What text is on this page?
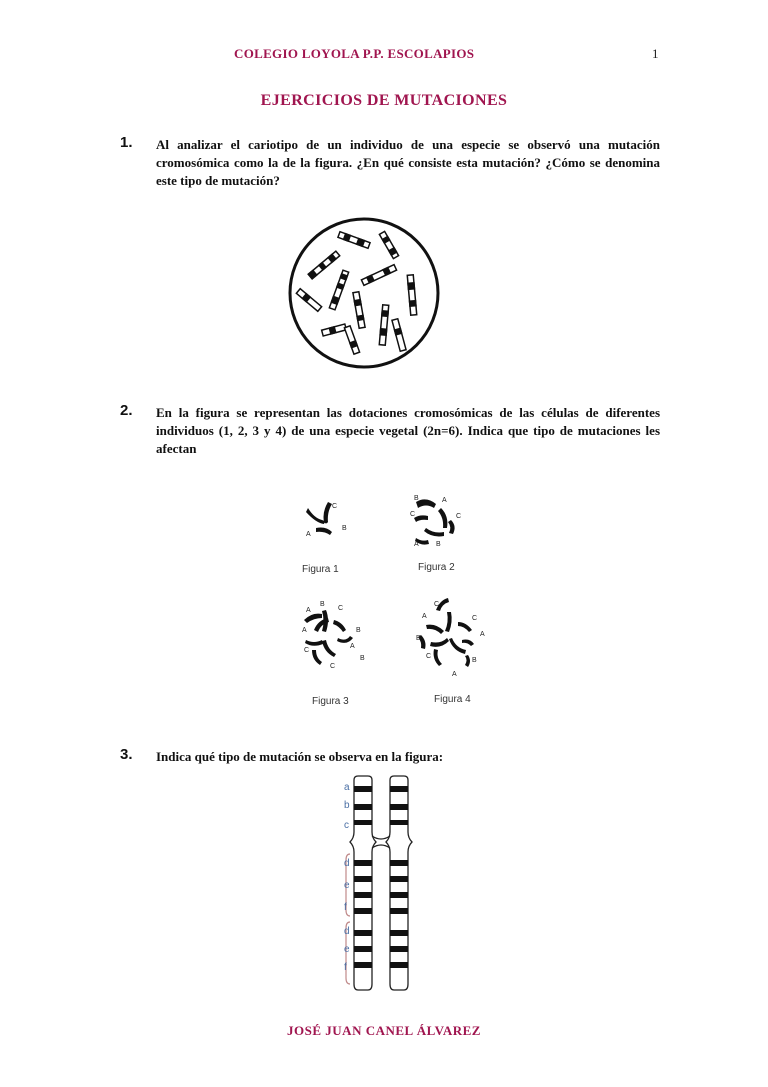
COLEGIO LOYOLA P.P. ESCOLAPIOS	1
EJERCICIOS DE MUTACIONES
1. Al analizar el cariotipo de un individuo de una especie se observó una mutación cromosómica como la de la figura. ¿En qué consiste esta mutación? ¿Cómo se denomina este tipo de mutación?
2. En la figura se representan las dotaciones cromosómicas de las células de diferentes individuos (1, 2, 3 y 4) de una especie vegetal (2n=6). Indica que tipo de mutaciones les afectan
C
B
A
B	A
C	C
A B
A
B
C
A	B
C
C
A
B
C
A	C
A
B
B
C
A
Figura 1	Figura 2
Figura 3	Figura 4
3. Indica qué tipo de mutación se observa en la figura:
a
b
c
d
e
f
d
e
f
JOSÉ JUAN CANEL ÁLVAREZ
